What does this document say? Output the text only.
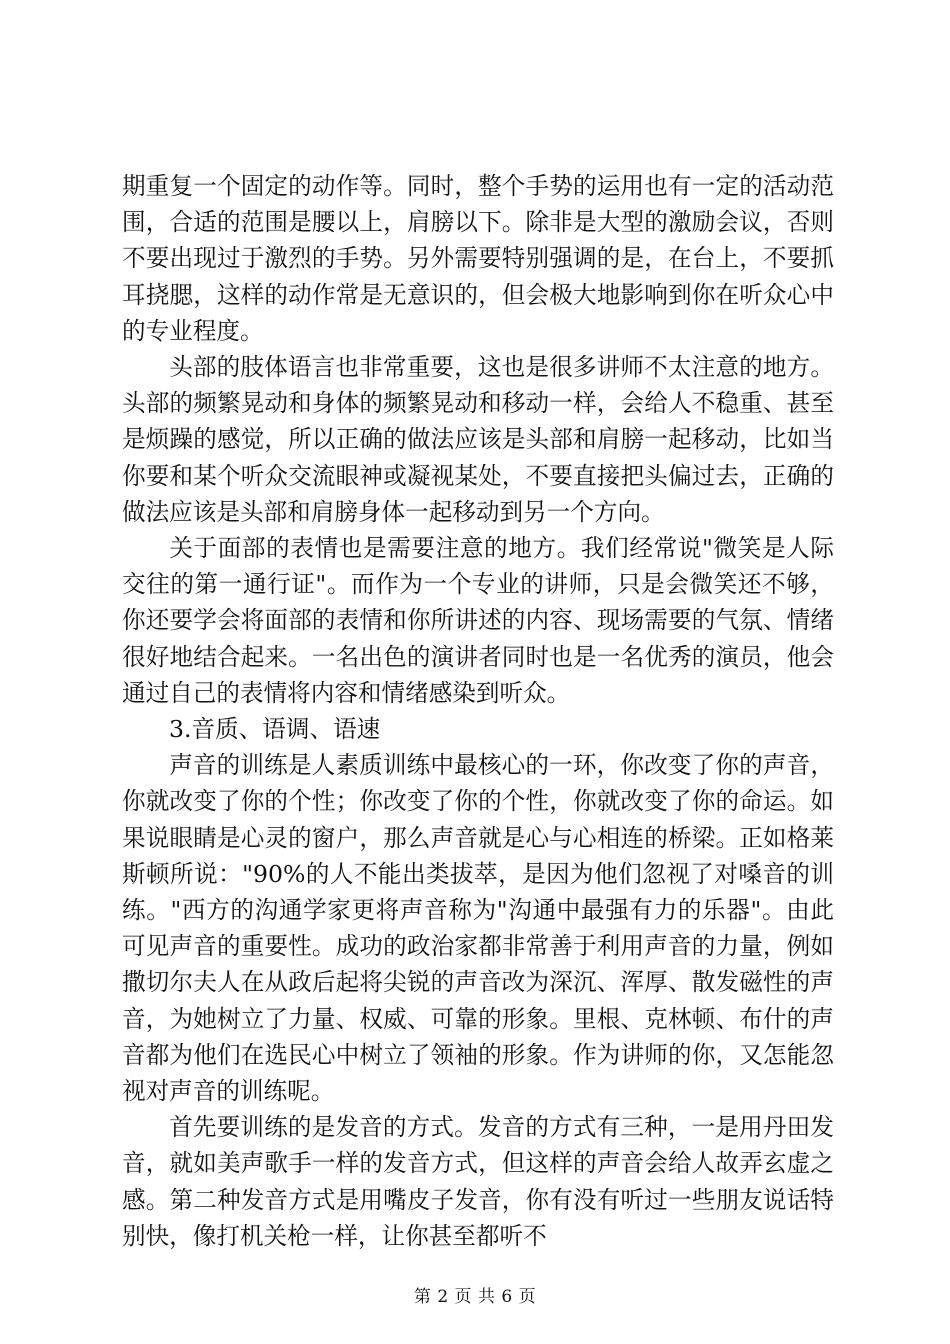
期重复一个固定的动作等。同时，整个手势的运用也有一定的活动范围，合适的范围是腰以上，肩膀以下。除非是大型的激励会议，否则不要出现过于激烈的手势。另外需要特别强调的是，在台上，不要抓耳挠腮，这样的动作常是无意识的，但会极大地影响到你在听众心中的专业程度。

头部的肢体语言也非常重要，这也是很多讲师不太注意的地方。头部的频繁晃动和身体的频繁晃动和移动一样，会给人不稳重、甚至是烦躁的感觉，所以正确的做法应该是头部和肩膀一起移动，比如当你要和某个听众交流眼神或凝视某处，不要直接把头偏过去，正确的做法应该是头部和肩膀身体一起移动到另一个方向。

关于面部的表情也是需要注意的地方。我们经常说"微笑是人际交往的第一通行证"。而作为一个专业的讲师，只是会微笑还不够，你还要学会将面部的表情和你所讲述的内容、现场需要的气氛、情绪很好地结合起来。一名出色的演讲者同时也是一名优秀的演员，他会通过自己的表情将内容和情绪感染到听众。

3.音质、语调、语速

声音的训练是人素质训练中最核心的一环，你改变了你的声音，你就改变了你的个性；你改变了你的个性，你就改变了你的命运。如果说眼睛是心灵的窗户，那么声音就是心与心相连的桥梁。正如格莱斯顿所说："90%的人不能出类拔萃，是因为他们忽视了对嗓音的训练。"西方的沟通学家更将声音称为"沟通中最强有力的乐器"。由此可见声音的重要性。成功的政治家都非常善于利用声音的力量，例如撒切尔夫人在从政后起将尖锐的声音改为深沉、浑厚、散发磁性的声音，为她树立了力量、权威、可靠的形象。里根、克林顿、布什的声音都为他们在选民心中树立了领袖的形象。作为讲师的你，又怎能忽视对声音的训练呢。

首先要训练的是发音的方式。发音的方式有三种，一是用丹田发音，就如美声歌手一样的发音方式，但这样的声音会给人故弄玄虚之感。第二种发音方式是用嘴皮子发音，你有没有听过一些朋友说话特别快，像打机关枪一样，让你甚至都听不

第 2 页 共 6 页
